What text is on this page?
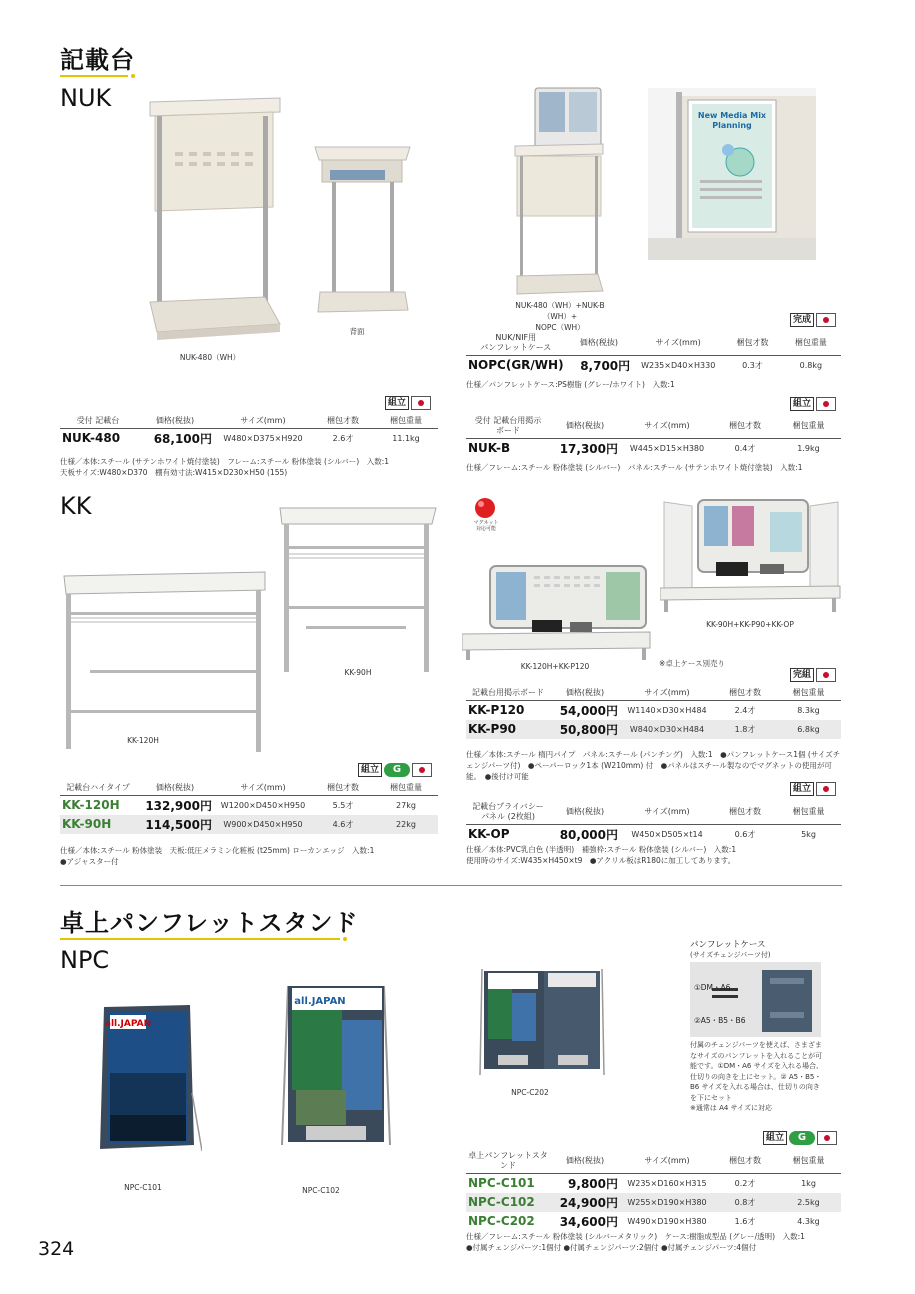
記載台
NUK
NUK-480（WH）
背面
NUK-480（WH）+NUK-B（WH）+
NOPC（WH）
New Media Mix
Planning
完成
NUK/NIF用
パンフレットケース	価格(税抜)	サイズ(mm)	梱包才数	梱包重量
NOPC(GR/WH)	8,700円	W235×D40×H330	0.3才	0.8kg
仕様／パンフレットケース:PS樹脂 (グレー/ホワイト)　入数:1
組立
受付 記載台	価格(税抜)	サイズ(mm)	梱包才数	梱包重量
NUK-480	68,100円	W480×D375×H920	2.6才	11.1kg
仕様／本体:スチール (サテンホワイト焼付塗装)　フレーム:スチール 粉体塗装 (シルバー)　入数:1
天板サイズ:W480×D370　棚有効寸法:W415×D230×H50 (155)
組立
受付 記載台用掲示
ボード	価格(税抜)	サイズ(mm)	梱包才数	梱包重量
NUK-B	17,300円	W445×D15×H380	0.4才	1.9kg
仕様／フレーム:スチール 粉体塗装 (シルバー)　パネル:スチール (サテンホワイト焼付塗装)　入数:1
KK
KK-90H
KK-120H
マグネット
対応可能
KK-120H+KK-P120
KK-90H+KK-P90+KK-OP
※卓上ケース別売り
完組
記載台用掲示ボード	価格(税抜)	サイズ(mm)	梱包才数	梱包重量
KK-P120	54,000円	W1140×D30×H484	2.4才	8.3kg
KK-P90	50,800円	W840×D30×H484	1.8才	6.8kg
仕様／本体:スチール 楕円パイプ　パネル:スチール (パンチング)　入数:1　●パンフレットケース1個 (サイズチェンジパーツ付)　●ペーパーロック1本 (W210mm) 付　●パネルはスチール製なのでマグネットの使用が可能。　●後付け可能
組立	G
記載台ハイタイプ	価格(税抜)	サイズ(mm)	梱包才数	梱包重量
KK-120H	132,900円	W1200×D450×H950	5.5才	27kg
KK-90H	114,500円	W900×D450×H950	4.6才	22kg
仕様／本体:スチール 粉体塗装　天板:低圧メラミン化粧板 (t25mm) ローカンエッジ　入数:1
●アジャスター付
組立
記載台プライバシー
パネル (2枚組)	価格(税抜)	サイズ(mm)	梱包才数	梱包重量
KK-OP	80,000円	W450×D505×t14	0.6才	5kg
仕様／本体:PVC乳白色 (半透明)　補強枠:スチール 粉体塗装 (シルバー)　入数:1
使用時のサイズ:W435×H450×t9　●アクリル板はR180に加工してあります。
卓上パンフレットスタンド
NPC
all.JAPAN
NPC-C101
all.JAPAN
NPC-C102
NPC-C202
パンフレットケース
(サイズチェンジパーツ付)
①DM・A6
②A5・B5・B6
付属のチェンジパーツを使えば、さまざまなサイズのパンフレットを入れることが可能です。①DM・A6 サイズを入れる場合、仕切りの向きを上にセット。② A5・B5・B6 サイズを入れる場合は、仕切りの向きを下にセット
※通常は A4 サイズに対応
組立	G
卓上パンフレットスタ
ンド	価格(税抜)	サイズ(mm)	梱包才数	梱包重量
NPC-C101	9,800円	W235×D160×H315	0.2才	1kg
NPC-C102	24,900円	W255×D190×H380	0.8才	2.5kg
NPC-C202	34,600円	W490×D190×H380	1.6才	4.3kg
仕様／フレーム:スチール 粉体塗装 (シルバーメタリック)　ケース:樹脂成型品 (グレー/透明)　入数:1
●付属チェンジパーツ:1個付 ●付属チェンジパーツ:2個付 ●付属チェンジパーツ:4個付
324
